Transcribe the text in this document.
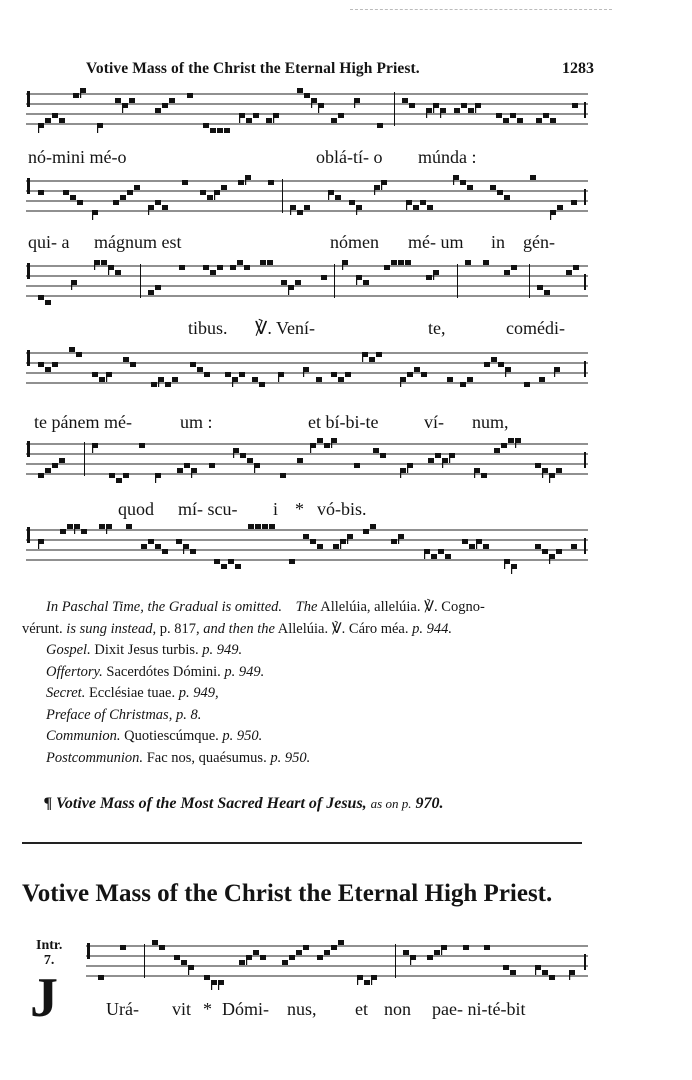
Votive Mass of the Christ the Eternal High Priest.	1283
nó-mini mé-o	oblá-tí- o múnda :
qui- a mágnum est	nómen mé- um in gén-
tibus. ℣. Vení-	te,	comédi-
te pánem mé-	um :	et bí-bi-te	ví- num,
quod mí- scu- i * vó-bis.
In Paschal Time, the Gradual is omitted. The Allelúia, allelúia. ℣. Cogno-
vérunt. is sung instead, p. 817, and then the Allelúia. ℣. Cáro méa. p. 944.
Gospel. Dixit Jesus turbis. p. 949.
Offertory. Sacerdótes Dómini. p. 949.
Secret. Ecclésiae tuae. p. 949,
Preface of Christmas, p. 8.
Communion. Quotiescúmque. p. 950.
Postcommunion. Fac nos, quaésumus. p. 950.
¶ Votive Mass of the Most Sacred Heart of Jesus, as on p. 970.
Votive Mass of the Christ the Eternal High Priest.
Intr.
7.
J	Urá- vit * Dómi- nus, et non pae- ni-té-bit
